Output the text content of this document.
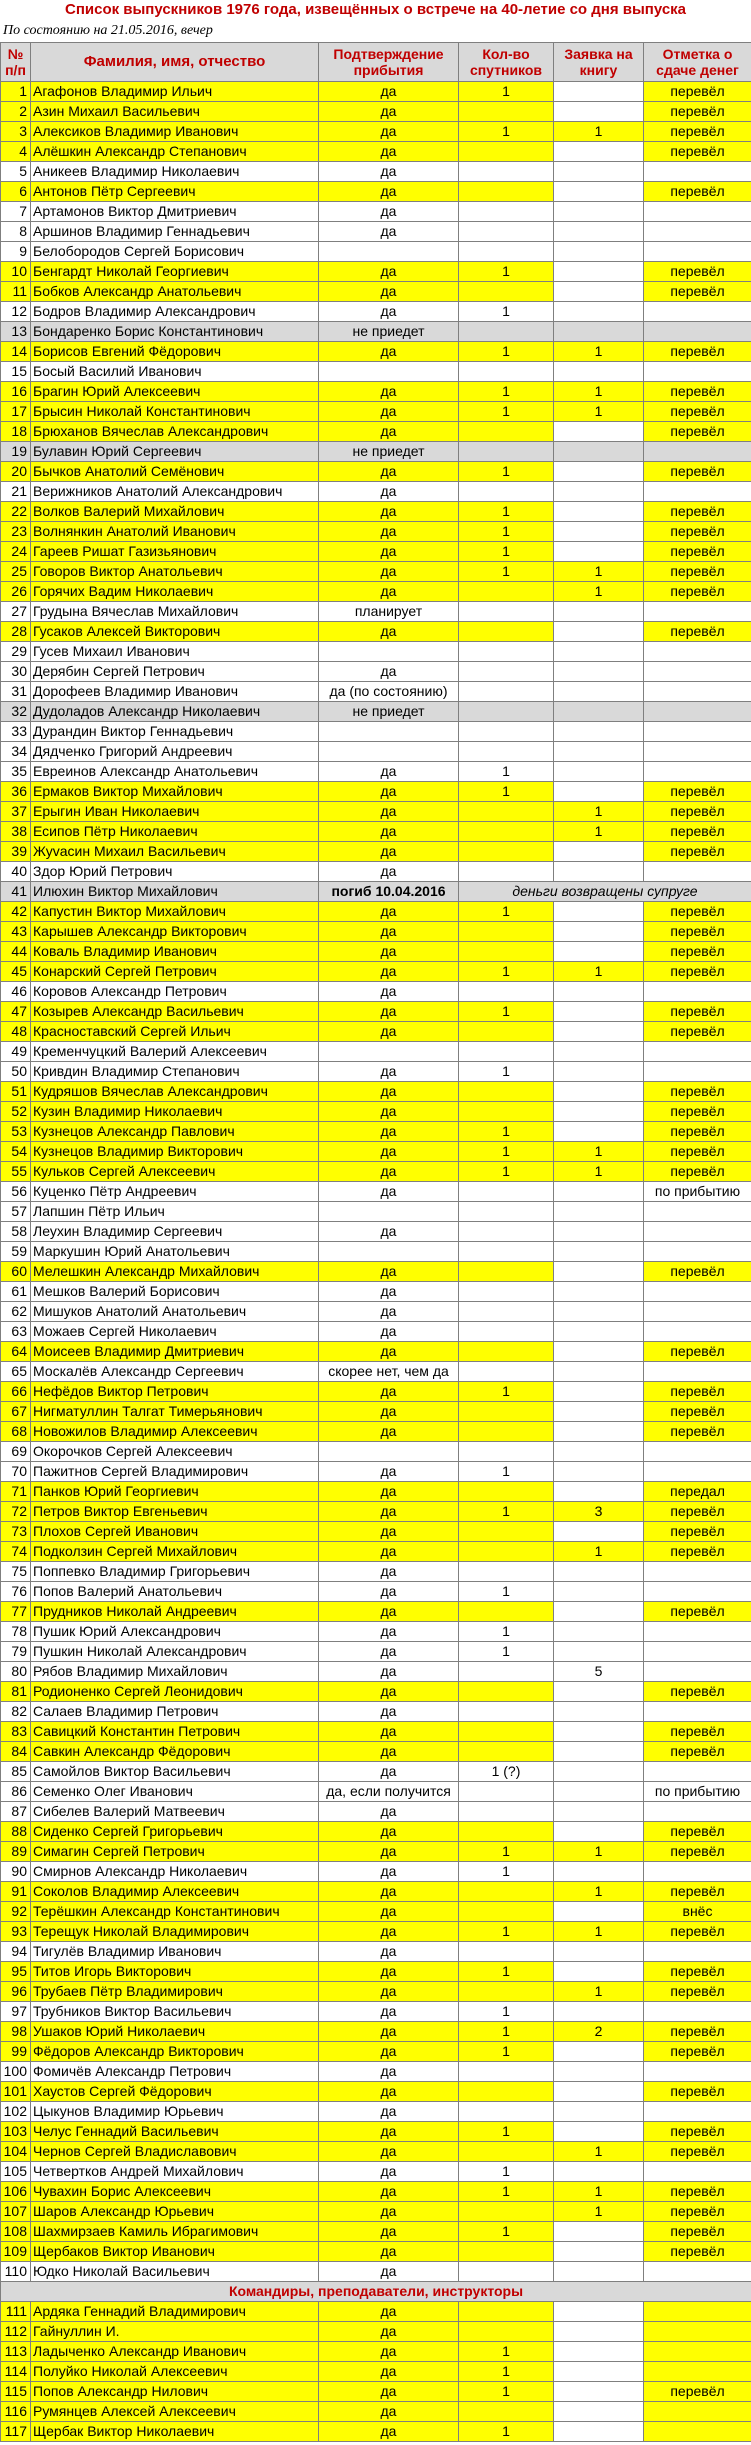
Список выпускников 1976 года, извещённых о встрече на 40-летие со дня выпуска
По состоянию на 21.05.2016, вечер
№ п/п	Фамилия, имя, отчество	Подтверждение прибытия	Кол-во спутников	Заявка на книгу	Отметка о сдаче денег	
1	Агафонов Владимир Ильич	да	1		перевёл	
2	Азин Михаил Васильевич	да			перевёл	
3	Алексиков Владимир Иванович	да	1	1	перевёл	
4	Алёшкин Александр Степанович	да			перевёл	
5	Аникеев Владимир Николаевич	да				
6	Антонов Пётр Сергеевич	да			перевёл	
7	Артамонов Виктор Дмитриевич	да				
8	Аршинов Владимир Геннадьевич	да				
9	Белобородов Сергей Борисович					
10	Бенгардт Николай Георгиевич	да	1		перевёл	
11	Бобков Александр Анатольевич	да			перевёл	
12	Бодров Владимир Александрович	да	1			
13	Бондаренко Борис Константинович	не приедет				
14	Борисов Евгений Фёдорович	да	1	1	перевёл	
15	Босый Василий Иванович					
16	Брагин Юрий Алексеевич	да	1	1	перевёл	
17	Брысин Николай Константинович	да	1	1	перевёл	
18	Брюханов Вячеслав Александрович	да			перевёл	
19	Булавин Юрий Сергеевич	не приедет				
20	Бычков Анатолий Семёнович	да	1		перевёл	
21	Верижников Анатолий Александрович	да				
22	Волков Валерий Михайлович	да	1		перевёл	
23	Волнянкин Анатолий Иванович	да	1		перевёл	
24	Гареев Ришат Газизьянович	да	1		перевёл	
25	Говоров Виктор Анатольевич	да	1	1	перевёл	
26	Горячих Вадим Николаевич	да		1	перевёл	
27	Грудына Вячеслав Михайлович	планирует				
28	Гусаков Алексей Викторович	да			перевёл	
29	Гусев Михаил Иванович					
30	Дерябин Сергей Петрович	да				
31	Дорофеев Владимир Иванович	да (по состоянию)				
32	Дудоладов Александр Николаевич	не приедет				
33	Дурандин Виктор Геннадьевич					
34	Дядченко Григорий Андреевич					
35	Евреинов Александр Анатольевич	да	1			
36	Ермаков Виктор Михайлович	да	1		перевёл	
37	Ерыгин Иван Николаевич	да		1	перевёл	
38	Есипов Пётр Николаевич	да		1	перевёл	
39	Жуvасин Михаил Васильевич	да			перевёл	
40	Здор Юрий Петрович	да				
41	Илюхин Виктор Михайлович	погиб 10.04.2016	деньги возвращены супруге			
42	Капустин Виктор Михайлович	да	1		перевёл	
43	Карышев Александр Викторович	да			перевёл	
44	Коваль Владимир Иванович	да			перевёл	
45	Конарский Сергей Петрович	да	1	1	перевёл	
46	Коровов Александр Петрович	да				
47	Козырев Александр Васильевич	да	1		перевёл	
48	Красноставский Сергей Ильич	да			перевёл	
49	Кременчуцкий Валерий Алексеевич					
50	Кривдин Владимир Степанович	да	1			
51	Кудряшов Вячеслав Александрович	да			перевёл	
52	Кузин Владимир Николаевич	да			перевёл	
53	Кузнецов Александр Павлович	да	1		перевёл	
54	Кузнецов Владимир Викторович	да	1	1	перевёл	
55	Кульков Сергей Алексеевич	да	1	1	перевёл	
56	Куценко Пётр Андреевич	да			по прибытию	
57	Лапшин Пётр Ильич					
58	Леухин Владимир Сергеевич	да				
59	Маркушин Юрий Анатольевич					
60	Мелешкин Александр Михайлович	да			перевёл	
61	Мешков Валерий Борисович	да				
62	Мишуков Анатолий Анатольевич	да				
63	Можаев Сергей Николаевич	да				
64	Моисеев Владимир Дмитриевич	да			перевёл	
65	Москалёв Александр Сергеевич	скорее нет, чем да				
66	Нефёдов Виктор Петрович	да	1		перевёл	
67	Нигматуллин Талгат Тимерьянович	да			перевёл	
68	Новожилов Владимир Алексеевич	да			перевёл	
69	Окорочков Сергей Алексеевич					
70	Пажитнов Сергей Владимирович	да	1			
71	Панков Юрий Георгиевич	да			передал	
72	Петров Виктор Евгеньевич	да	1	3	перевёл	
73	Плохов Сергей Иванович	да			перевёл	
74	Подколзин Сергей Михайлович	да		1	перевёл	
75	Поппевко Владимир Григорьевич	да				
76	Попов Валерий Анатольевич	да	1			
77	Прудников Николай Андреевич	да			перевёл	
78	Пушик Юрий Александрович	да	1			
79	Пушкин Николай Александрович	да	1			
80	Рябов Владимир Михайлович	да		5		
81	Родионенко Сергей Леонидович	да			перевёл	
82	Салаев Владимир Петрович	да				
83	Савицкий Константин Петрович	да			перевёл	
84	Савкин Александр Фёдорович	да			перевёл	
85	Самойлов Виктор Васильевич	да	1 (?)			
86	Семенко Олег Иванович	да, если получится			по прибытию	
87	Сибелев Валерий Матвеевич	да				
88	Сиденко Сергей Григорьевич	да			перевёл	
89	Симагин Сергей Петрович	да	1	1	перевёл	
90	Смирнов Александр Николаевич	да	1			
91	Соколов Владимир Алексеевич	да		1	перевёл	
92	Терёшкин Александр Константинович	да			внёс	
93	Терещук Николай Владимирович	да	1	1	перевёл	
94	Тигулёв Владимир Иванович	да				
95	Титов Игорь Викторович	да	1		перевёл	
96	Трубаев Пётр Владимирович	да		1	перевёл	
97	Трубников Виктор Васильевич	да	1			
98	Ушаков Юрий Николаевич	да	1	2	перевёл	
99	Фёдоров Александр Викторович	да	1		перевёл	
100	Фомичёв Александр Петрович	да				
101	Хаустов Сергей Фёдорович	да			перевёл	
102	Цыкунов Владимир Юрьевич	да				
103	Челус Геннадий Васильевич	да	1		перевёл	
104	Чернов Сергей Владиславович	да		1	перевёл	
105	Четвертков Андрей Михайлович	да	1			
106	Чувахин Борис Алексеевич	да	1	1	перевёл	
107	Шаров Александр Юрьевич	да		1	перевёл	
108	Шахмирзаев Камиль Ибрагимович	да	1		перевёл	
109	Щербаков Виктор Иванович	да			перевёл	
110	Юдко Николай Васильевич	да				
Командиры, преподаватели, инструкторы						
111	Ардяка Геннадий Владимирович	да				
112	Гайнуллин И.	да				
113	Ладыченко Александр Иванович	да	1			
114	Полуйко Николай Алексеевич	да	1			
115	Попов Александр Нилович	да	1		перевёл	
116	Румянцев Алексей Алексеевич	да				
117	Щербак Виктор Николаевич	да	1			
